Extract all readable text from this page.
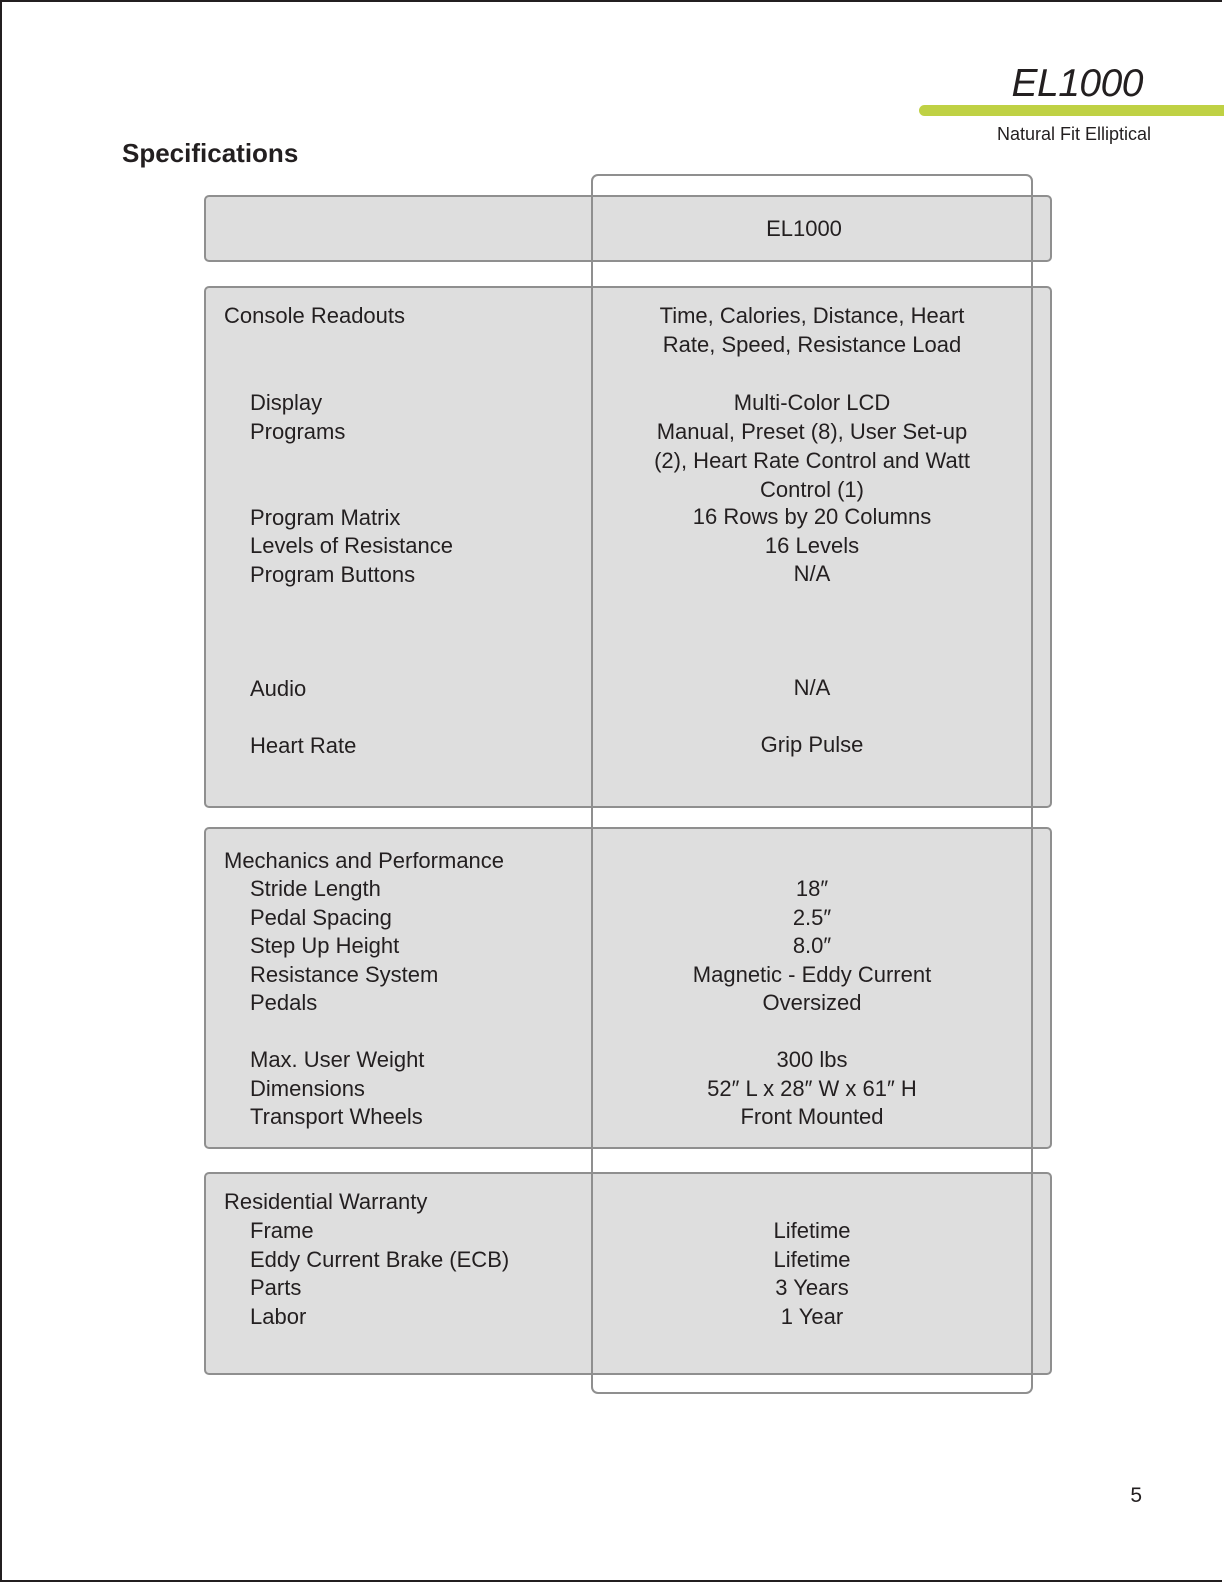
EL1000
Natural Fit Elliptical
Specifications
EL1000
Console Readouts	Time, Calories, Distance, Heart Rate, Speed, Resistance Load
Display	Multi-Color LCD
Programs	Manual, Preset (8), User Set-up (2), Heart Rate Control and Watt Control (1)
Program Matrix	16 Rows by 20 Columns
Levels of Resistance	16 Levels
Program Buttons	N/A
Audio	N/A
Heart Rate	Grip Pulse
Mechanics and Performance
Stride Length	18″
Pedal Spacing	2.5″
Step Up Height	8.0″
Resistance System	Magnetic - Eddy Current
Pedals	Oversized
Max. User Weight	300 lbs
Dimensions	52″ L x 28″ W x 61″ H
Transport Wheels	Front Mounted
Residential Warranty
Frame	Lifetime
Eddy Current Brake (ECB)	Lifetime
Parts	3 Years
Labor	1 Year
5
